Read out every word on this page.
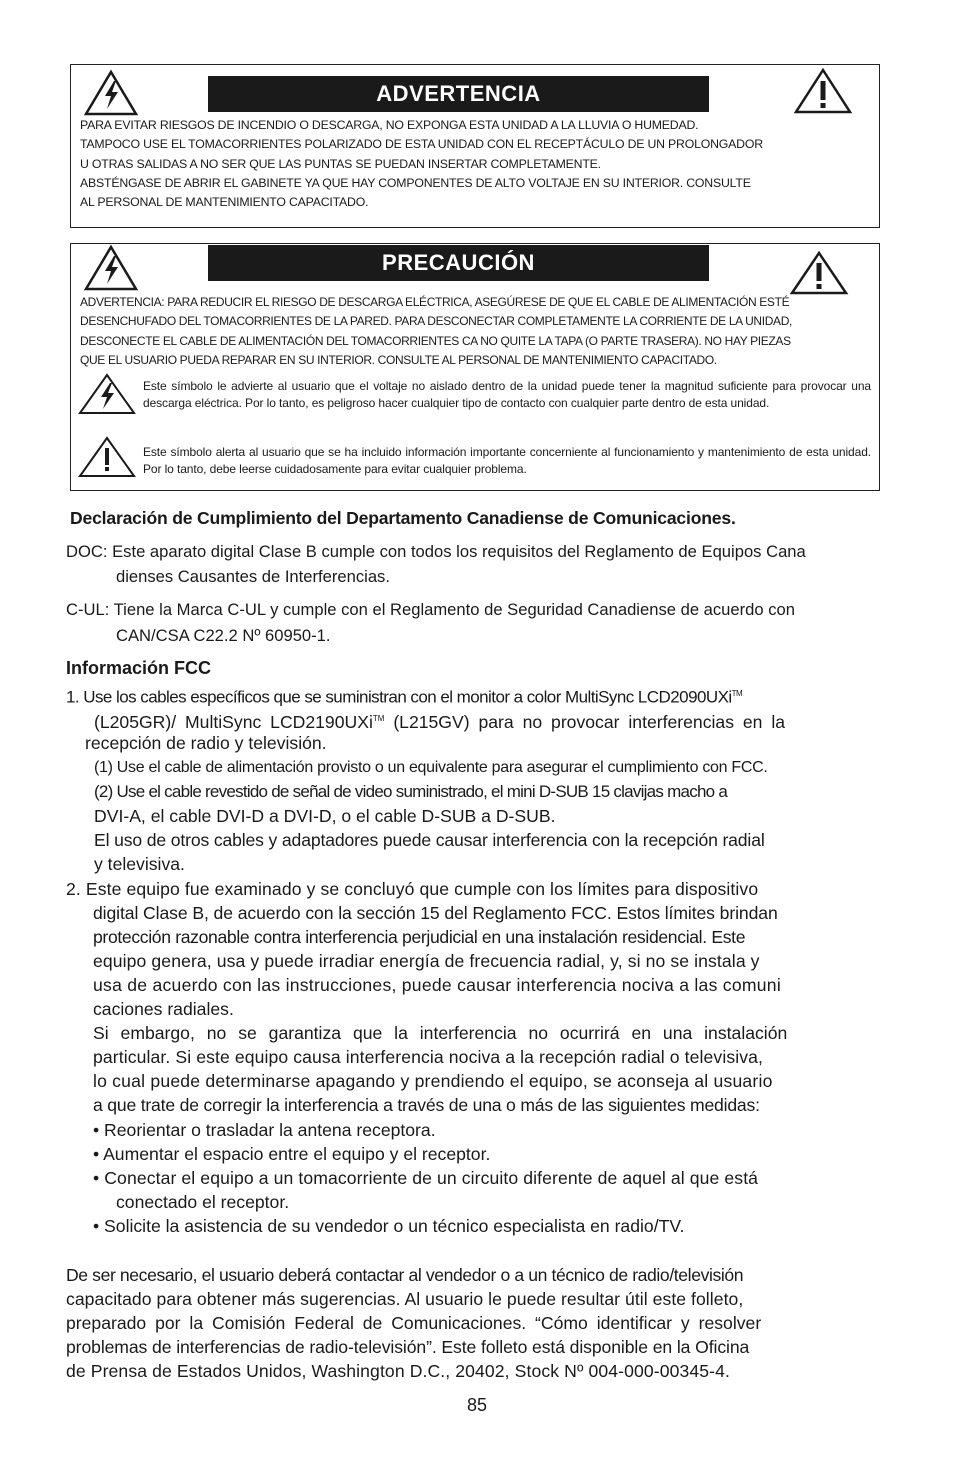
ADVERTENCIA
PARA EVITAR RIESGOS DE INCENDIO O DESCARGA, NO EXPONGA ESTA UNIDAD A LA LLUVIA O HUMEDAD.
TAMPOCO USE EL TOMACORRIENTES POLARIZADO DE ESTA UNIDAD CON EL RECEPTÁCULO DE UN PROLONGADOR
U OTRAS SALIDAS A NO SER QUE LAS PUNTAS SE PUEDAN INSERTAR COMPLETAMENTE.
ABSTÉNGASE DE ABRIR EL GABINETE YA QUE HAY COMPONENTES DE ALTO VOLTAJE EN SU INTERIOR. CONSULTE
AL PERSONAL DE MANTENIMIENTO CAPACITADO.
PRECAUCIÓN
ADVERTENCIA: PARA REDUCIR EL RIESGO DE DESCARGA ELÉCTRICA, ASEGÚRESE DE QUE EL CABLE DE ALIMENTACIÓN ESTÉ
DESENCHUFADO DEL TOMACORRIENTES DE LA PARED. PARA DESCONECTAR COMPLETAMENTE LA CORRIENTE DE LA UNIDAD,
DESCONECTE EL CABLE DE ALIMENTACIÓN DEL TOMACORRIENTES CA NO QUITE LA TAPA (O PARTE TRASERA). NO HAY PIEZAS
QUE EL USUARIO PUEDA REPARAR EN SU INTERIOR. CONSULTE AL PERSONAL DE MANTENIMIENTO CAPACITADO.
Este símbolo le advierte al usuario que el voltaje no aislado dentro de la unidad puede tener la magnitud suficiente para provocar una descarga eléctrica. Por lo tanto, es peligroso hacer cualquier tipo de contacto con cualquier parte dentro de esta unidad.
Este símbolo alerta al usuario que se ha incluido información importante concerniente al funcionamiento y mantenimiento de esta unidad. Por lo tanto, debe leerse cuidadosamente para evitar cualquier problema.
Declaración de Cumplimiento del Departamento Canadiense de Comunicaciones.
DOC: Este aparato digital Clase B cumple con todos los requisitos del Reglamento de Equipos Cana
dienses Causantes de Interferencias.
C-UL: Tiene la Marca C-UL y cumple con el Reglamento de Seguridad Canadiense de acuerdo con
CAN/CSA C22.2 Nº 60950-1.
Información FCC
1. Use los cables específicos que se suministran con el monitor a color MultiSync LCD2090UXi™
(L205GR)/ MultiSync LCD2190UXi™ (L215GV) para no provocar interferencias en la
recepción de radio y televisión.
(1) Use el cable de alimentación provisto o un equivalente para asegurar el cumplimiento con FCC.
(2) Use el cable revestido de señal de video suministrado, el mini D-SUB 15 clavijas macho a
DVI-A, el cable DVI-D a DVI-D, o el cable D-SUB a D-SUB.
El uso de otros cables y adaptadores puede causar interferencia con la recepción radial
y televisiva.
2. Este equipo fue examinado y se concluyó que cumple con los límites para dispositivo
digital Clase B, de acuerdo con la sección 15 del Reglamento FCC. Estos límites brindan
protección razonable contra interferencia perjudicial en una instalación residencial. Este
equipo genera, usa y puede irradiar energía de frecuencia radial, y, si no se instala y
usa de acuerdo con las instrucciones, puede causar interferencia nociva a las comuni
caciones radiales.
Si embargo, no se garantiza que la interferencia no ocurrirá en una instalación
particular. Si este equipo causa interferencia nociva a la recepción radial o televisiva,
lo cual puede determinarse apagando y prendiendo el equipo, se aconseja al usuario
a que trate de corregir la interferencia a través de una o más de las siguientes medidas:
• Reorientar o trasladar la antena receptora.
• Aumentar el espacio entre el equipo y el receptor.
• Conectar el equipo a un tomacorriente de un circuito diferente de aquel al que está
conectado el receptor.
• Solicite la asistencia de su vendedor o un técnico especialista en radio/TV.
De ser necesario, el usuario deberá contactar al vendedor o a un técnico de radio/televisión
capacitado para obtener más sugerencias. Al usuario le puede resultar útil este folleto,
preparado por la Comisión Federal de Comunicaciones. “Cómo identificar y resolver
problemas de interferencias de radio-televisión”. Este folleto está disponible en la Oficina
de Prensa de Estados Unidos, Washington D.C., 20402, Stock Nº 004-000-00345-4.
85
